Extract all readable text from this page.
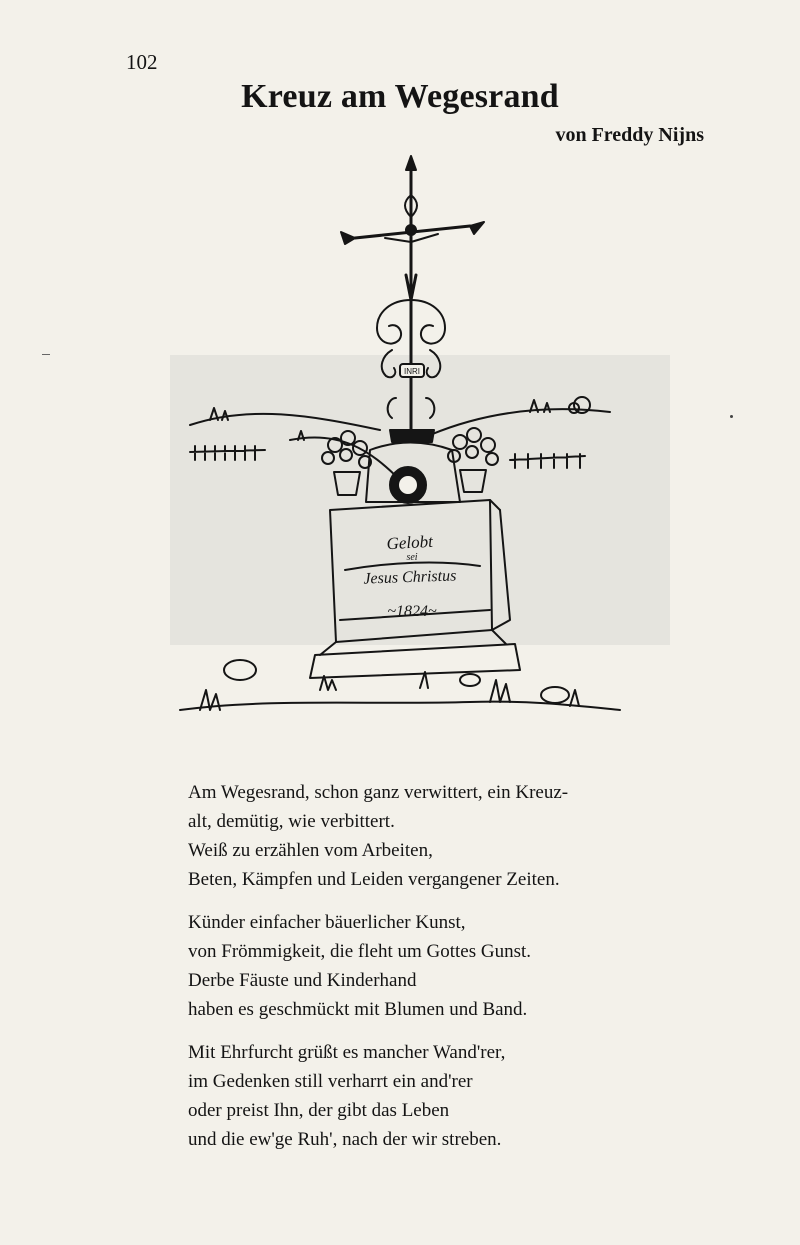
102
Kreuz am Wegesrand
von Freddy Nijns
INRI
Gelobt
sei
Jesus Christus
~1824~
Am Wegesrand, schon ganz verwittert, ein Kreuz-
alt, demütig, wie verbittert.
Weiß zu erzählen vom Arbeiten,
Beten, Kämpfen und Leiden vergangener Zeiten.
Künder einfacher bäuerlicher Kunst,
von Frömmigkeit, die fleht um Gottes Gunst.
Derbe Fäuste und Kinderhand
haben es geschmückt mit Blumen und Band.
Mit Ehrfurcht grüßt es mancher Wand'rer,
im Gedenken still verharrt ein and'rer
oder preist Ihn, der gibt das Leben
und die ew'ge Ruh', nach der wir streben.
